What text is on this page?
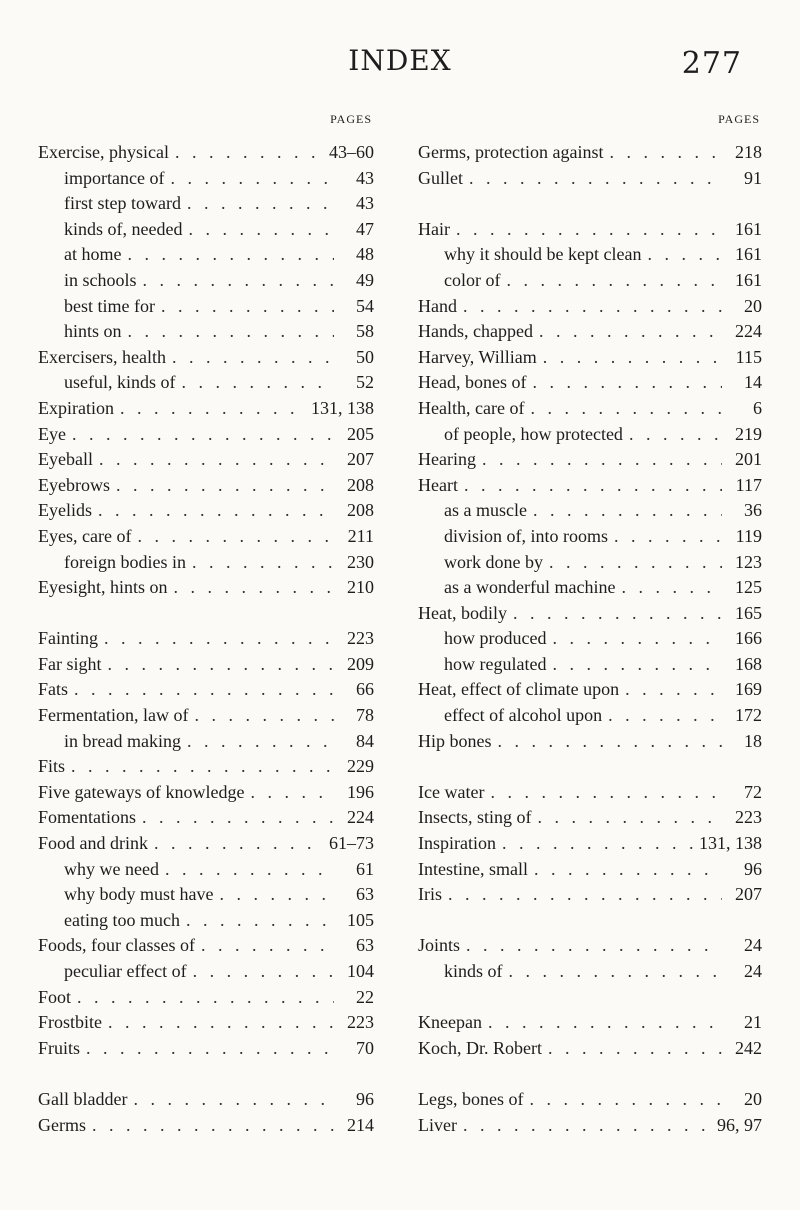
INDEX	277
PAGES
Exercise, physical . . .	43–60
importance of . . .	43
first step toward . . .	43
kinds of, needed . . .	47
at home . . .	48
in schools . . .	49
best time for . . .	54
hints on . . .	58
Exercisers, health . . .	50
useful, kinds of . . .	52
Expiration . . .	131, 138
Eye . . .	205
Eyeball . . .	207
Eyebrows . . .	208
Eyelids . . .	208
Eyes, care of . . .	211
foreign bodies in . . .	230
Eyesight, hints on . . .	210
Fainting . . .	223
Far sight . . .	209
Fats . . .	66
Fermentation, law of . . .	78
in bread making . . .	84
Fits . . .	229
Five gateways of knowledge . . .	196
Fomentations . . .	224
Food and drink . . .	61–73
why we need . . .	61
why body must have . . .	63
eating too much . . .	105
Foods, four classes of . . .	63
peculiar effect of . . .	104
Foot . . .	22
Frostbite . . .	223
Fruits . . .	70
Gall bladder . . .	96
Germs . . .	214
PAGES
Germs, protection against . . .	218
Gullet . . .	91
Hair . . .	161
why it should be kept clean . . .	161
color of . . .	161
Hand . . .	20
Hands, chapped . . .	224
Harvey, William . . .	115
Head, bones of . . .	14
Health, care of . . .	6
of people, how protected . . .	219
Hearing . . .	201
Heart . . .	117
as a muscle . . .	36
division of, into rooms . . .	119
work done by . . .	123
as a wonderful machine . . .	125
Heat, bodily . . .	165
how produced . . .	166
how regulated . . .	168
Heat, effect of climate upon . . .	169
effect of alcohol upon . . .	172
Hip bones . . .	18
Ice water . . .	72
Insects, sting of . . .	223
Inspiration . . .	131, 138
Intestine, small . . .	96
Iris . . .	207
Joints . . .	24
kinds of . . .	24
Kneepan . . .	21
Koch, Dr. Robert . . .	242
Legs, bones of . . .	20
Liver . . .	96, 97
